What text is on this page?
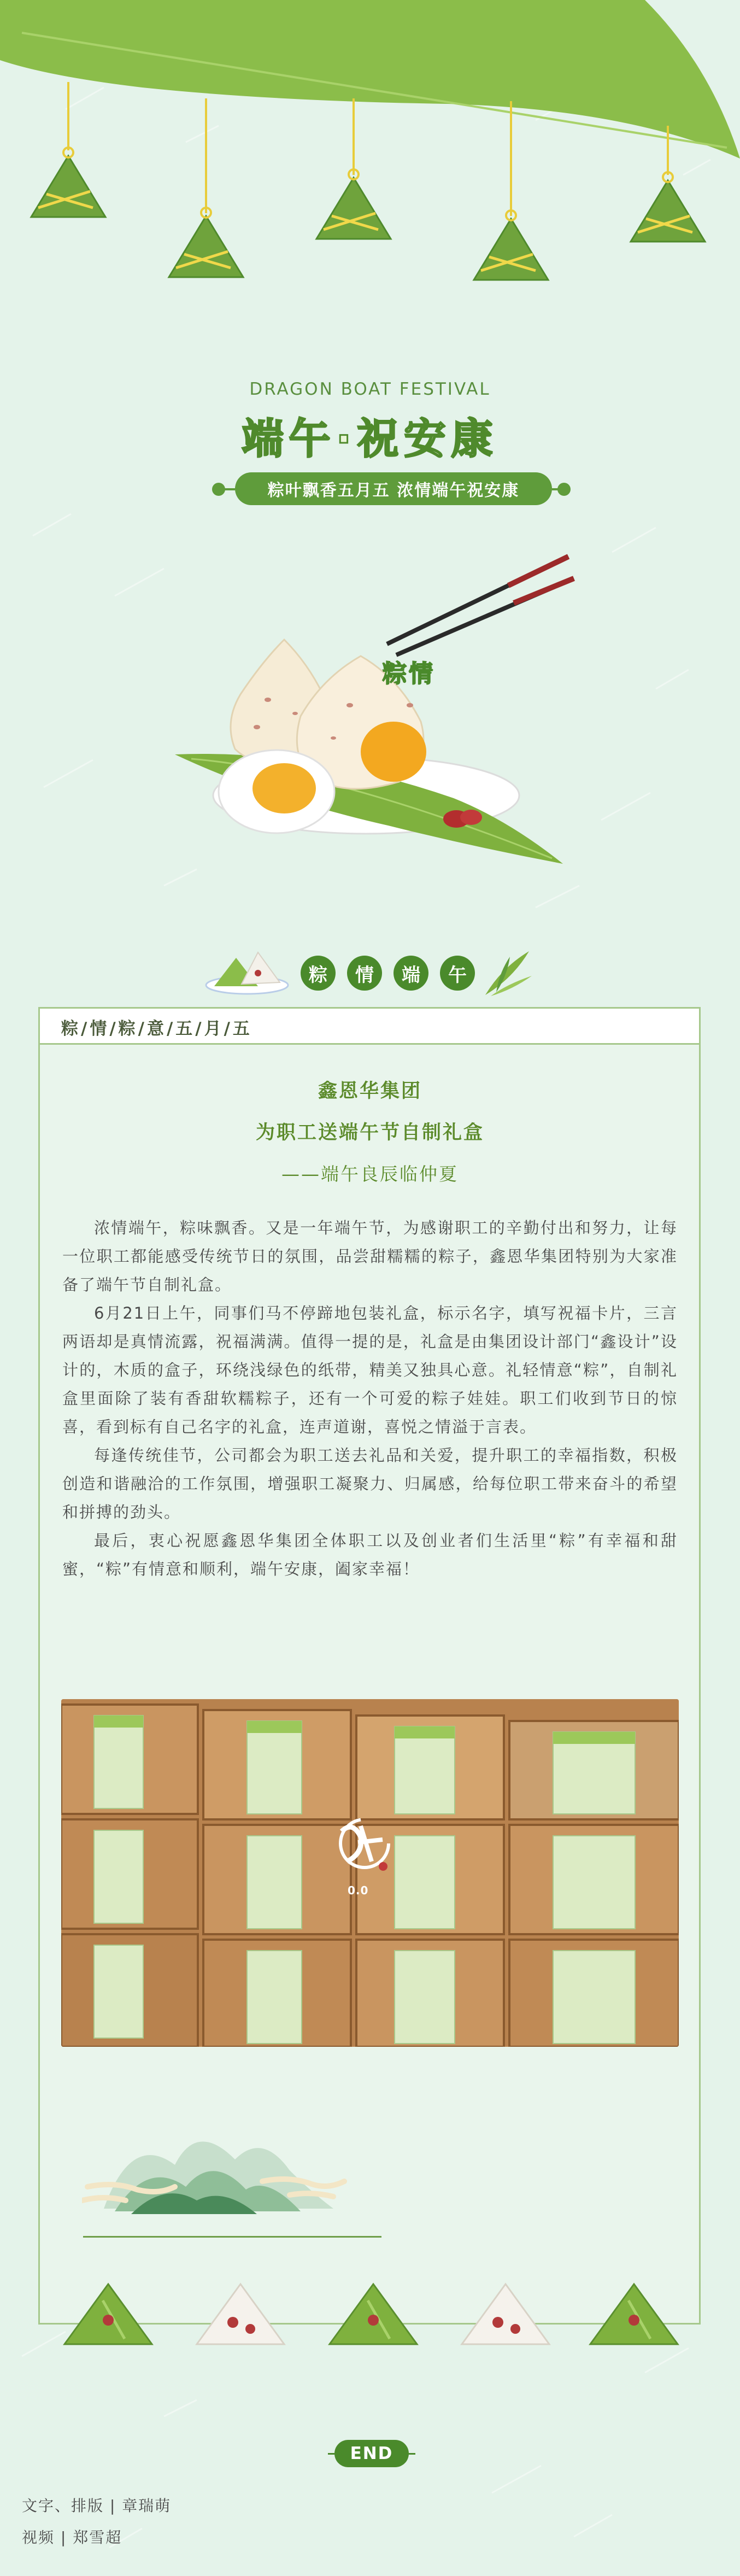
DRAGON BOAT FESTIVAL
端午·祝安康
粽叶飘香五月五 浓情端午祝安康
粽情
粽	情	端	午
粽/情/粽/意/五/月/五
鑫恩华集团
为职工送端午节自制礼盒
——端午良辰临仲夏

浓情端午，粽味飘香。又是一年端午节，为感谢职工的辛勤付出和努力，让每一位职工都能感受传统节日的氛围，品尝甜糯糯的粽子，鑫恩华集团特别为大家准备了端午节自制礼盒。

6月21日上午，同事们马不停蹄地包装礼盒，标示名字，填写祝福卡片，三言两语却是真情流露，祝福满满。值得一提的是，礼盒是由集团设计部门“鑫设计”设计的，木质的盒子，环绕浅绿色的纸带，精美又独具心意。礼轻情意“粽”，自制礼盒里面除了装有香甜软糯粽子，还有一个可爱的粽子娃娃。职工们收到节日的惊喜，看到标有自己名字的礼盒，连声道谢，喜悦之情溢于言表。

每逢传统佳节，公司都会为职工送去礼品和关爱，提升职工的幸福指数，积极创造和谐融洽的工作氛围，增强职工凝聚力、归属感，给每位职工带来奋斗的希望和拼搏的劲头。

最后，衷心祝愿鑫恩华集团全体职工以及创业者们生活里“粽”有幸福和甜蜜，“粽”有情意和顺利，端午安康，阖家幸福！

0.0
END
文字、排版 | 章瑞萌
视频 | 郑雪超
